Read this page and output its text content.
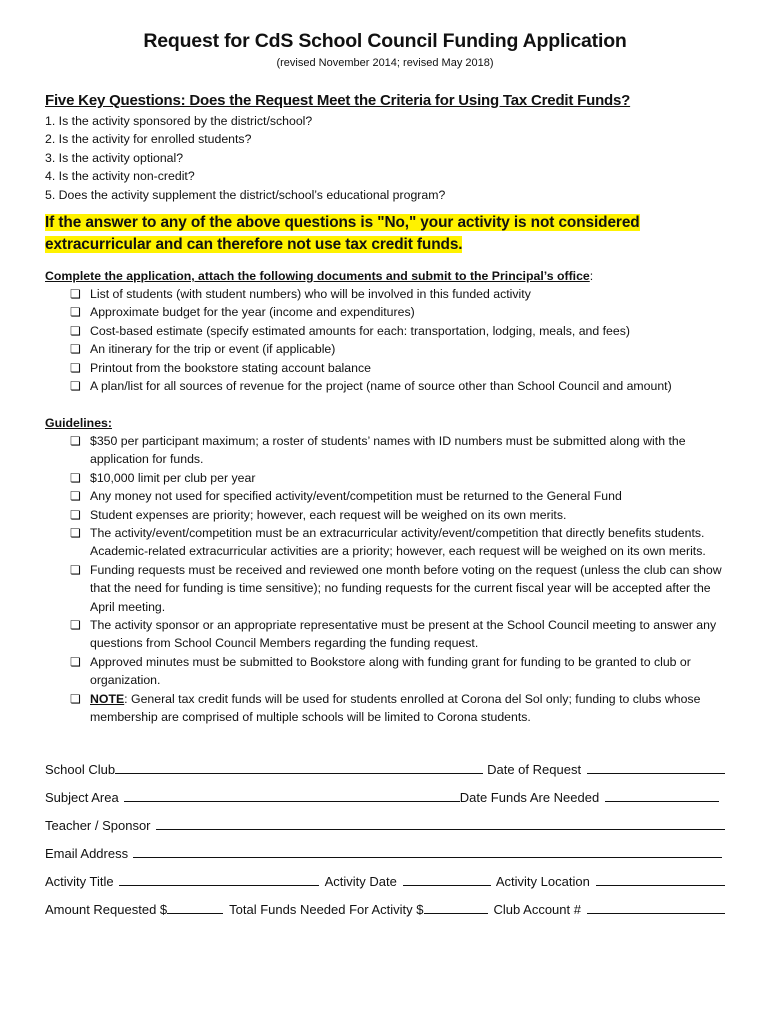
Request for CdS School Council Funding Application
(revised November 2014; revised May 2018)
Five Key Questions: Does the Request Meet the Criteria for Using Tax Credit Funds?
1. Is the activity sponsored by the district/school?
2. Is the activity for enrolled students?
3. Is the activity optional?
4. Is the activity non-credit?
5. Does the activity supplement the district/school’s educational program?
If the answer to any of the above questions is "No," your activity is not considered
extracurricular and can therefore not use tax credit funds.
Complete the application, attach the following documents and submit to the Principal’s office:
❏ List of students (with student numbers) who will be involved in this funded activity
❏ Approximate budget for the year (income and expenditures)
❏ Cost-based estimate (specify estimated amounts for each: transportation, lodging, meals, and fees)
❏ An itinerary for the trip or event (if applicable)
❏ Printout from the bookstore stating account balance
❏ A plan/list for all sources of revenue for the project (name of source other than School Council and amount)
Guidelines:
❏ $350 per participant maximum; a roster of students’ names with ID numbers must be submitted along with the application for funds.
❏ $10,000 limit per club per year
❏ Any money not used for specified activity/event/competition must be returned to the General Fund
❏ Student expenses are priority; however, each request will be weighed on its own merits.
❏ The activity/event/competition must be an extracurricular activity/event/competition that directly benefits students. Academic-related extracurricular activities are a priority; however, each request will be weighed on its own merits.
❏ Funding requests must be received and reviewed one month before voting on the request (unless the club can show that the need for funding is time sensitive); no funding requests for the current fiscal year will be accepted after the April meeting.
❏ The activity sponsor or an appropriate representative must be present at the School Council meeting to answer any questions from School Council Members regarding the funding request.
❏ Approved minutes must be submitted to Bookstore along with funding grant for funding to be granted to club or organization.
❏ NOTE: General tax credit funds will be used for students enrolled at Corona del Sol only; funding to clubs whose membership are comprised of multiple schools will be limited to Corona students.
School Club	Date of Request
Subject Area	Date Funds Are Needed
Teacher / Sponsor
Email Address
Activity Title	Activity Date	Activity Location
Amount Requested $	Total Funds Needed For Activity $	Club Account #
